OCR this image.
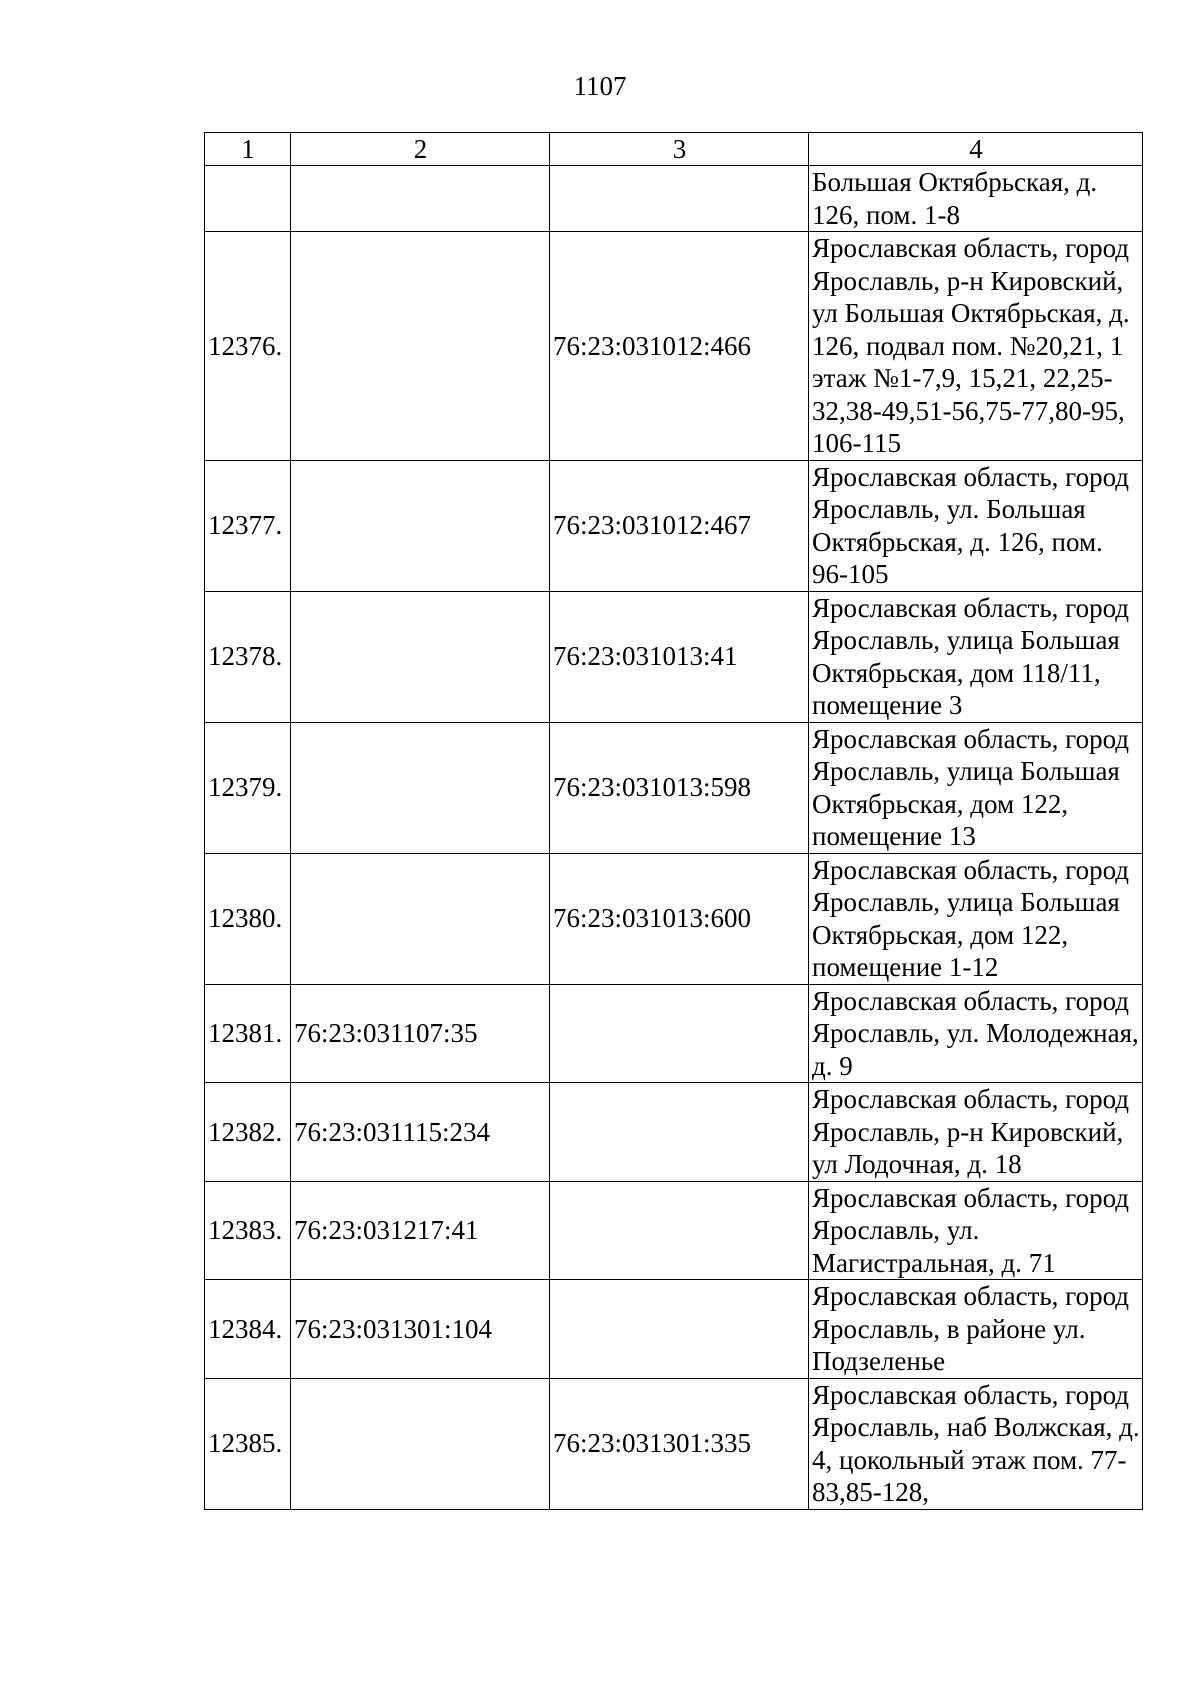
1107
1	2	3	4
			Большая Октябрьская, д. 126, пом. 1-8
12376.		76:23:031012:466	Ярославская область, город Ярославль, р-н Кировский, ул Большая Октябрьская, д. 126, подвал пом. №20,21, 1 этаж №1-7,9, 15,21, 22,25-32,38-49,51-56,75-77,80-95, 106-115
12377.		76:23:031012:467	Ярославская область, город Ярославль, ул. Большая Октябрьская, д. 126, пом. 96-105
12378.		76:23:031013:41	Ярославская область, город Ярославль, улица Большая Октябрьская, дом 118/11, помещение 3
12379.		76:23:031013:598	Ярославская область, город Ярославль, улица Большая Октябрьская, дом 122, помещение 13
12380.		76:23:031013:600	Ярославская область, город Ярославль, улица Большая Октябрьская, дом 122, помещение 1-12
12381.	76:23:031107:35		Ярославская область, город Ярославль, ул. Молодежная, д. 9
12382.	76:23:031115:234		Ярославская область, город Ярославль, р-н Кировский, ул Лодочная, д. 18
12383.	76:23:031217:41		Ярославская область, город Ярославль, ул. Магистральная, д. 71
12384.	76:23:031301:104		Ярославская область, город Ярославль, в районе ул. Подзеленье
12385.		76:23:031301:335	Ярославская область, город Ярославль, наб Волжская, д. 4, цокольный этаж пом. 77-83,85-128,
